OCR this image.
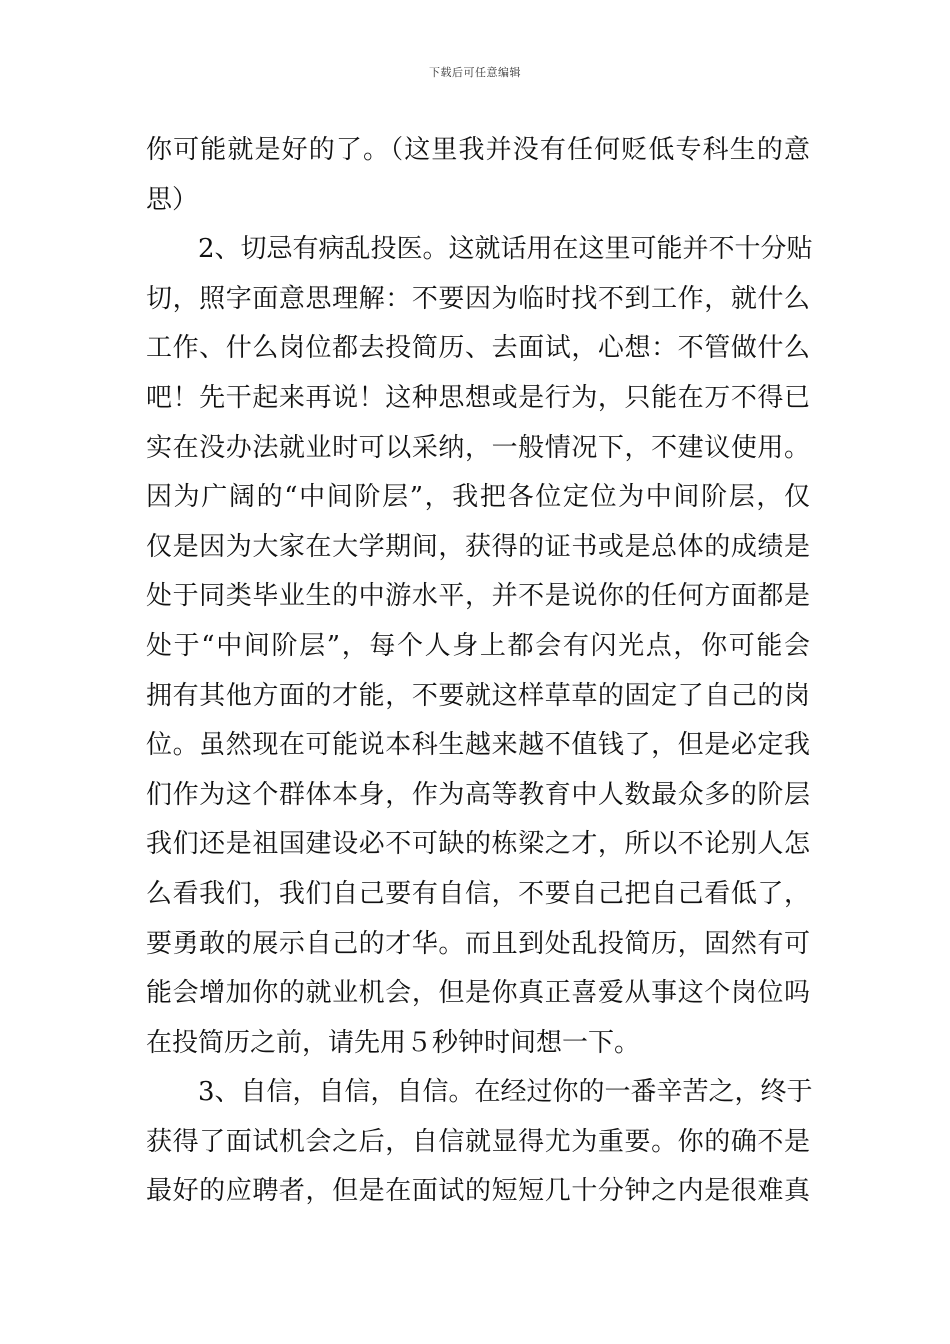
下载后可任意编辑
你可能就是好的了。（这里我并没有任何贬低专科生的意
思）
2、切忌有病乱投医。这就话用在这里可能并不十分贴
切，照字面意思理解：不要因为临时找不到工作，就什么
工作、什么岗位都去投简历、去面试，心想：不管做什么
吧！先干起来再说！这种思想或是行为，只能在万不得已
实在没办法就业时可以采纳，一般情况下，不建议使用。
因为广阔的“中间阶层”，我把各位定位为中间阶层，仅
仅是因为大家在大学期间，获得的证书或是总体的成绩是
处于同类毕业生的中游水平，并不是说你的任何方面都是
处于“中间阶层”，每个人身上都会有闪光点，你可能会
拥有其他方面的才能，不要就这样草草的固定了自己的岗
位。虽然现在可能说本科生越来越不值钱了，但是必定我
们作为这个群体本身，作为高等教育中人数最众多的阶层
我们还是祖国建设必不可缺的栋梁之才，所以不论别人怎
么看我们，我们自己要有自信，不要自己把自己看低了，
要勇敢的展示自己的才华。而且到处乱投简历，固然有可
能会增加你的就业机会，但是你真正喜爱从事这个岗位吗
在投简历之前，请先用５秒钟时间想一下。
3、自信，自信，自信。在经过你的一番辛苦之，终于
获得了面试机会之后，自信就显得尤为重要。你的确不是
最好的应聘者，但是在面试的短短几十分钟之内是很难真
